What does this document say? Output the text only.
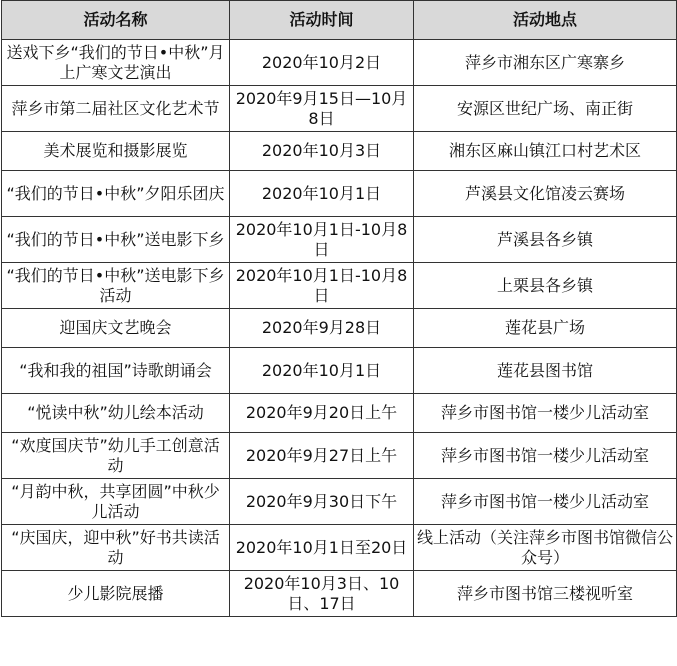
活动名称	活动时间	活动地点
送戏下乡“我们的节日•中秋”月上广寒文艺演出	2020年10月2日	萍乡市湘东区广寒寨乡
萍乡市第二届社区文化艺术节	2020年9月15日—10月8日	安源区世纪广场、南正街
美术展览和摄影展览	2020年10月3日	湘东区麻山镇江口村艺术区
“我们的节日•中秋”夕阳乐团庆	2020年10月1日	芦溪县文化馆凌云赛场
“我们的节日•中秋”送电影下乡	2020年10月1日-10月8日	芦溪县各乡镇
“我们的节日•中秋”送电影下乡活动	2020年10月1日-10月8日	上栗县各乡镇
迎国庆文艺晚会	2020年9月28日	莲花县广场
“我和我的祖国”诗歌朗诵会	2020年10月1日	莲花县图书馆
“悦读中秋”幼儿绘本活动	2020年9月20日上午	萍乡市图书馆一楼少儿活动室
“欢度国庆节”幼儿手工创意活动	2020年9月27日上午	萍乡市图书馆一楼少儿活动室
“月韵中秋，共享团圆”中秋少儿活动	2020年9月30日下午	萍乡市图书馆一楼少儿活动室
“庆国庆，迎中秋”好书共读活动	2020年10月1日至20日	线上活动（关注萍乡市图书馆微信公众号）
少儿影院展播	2020年10月3日、10日、17日	萍乡市图书馆三楼视听室
